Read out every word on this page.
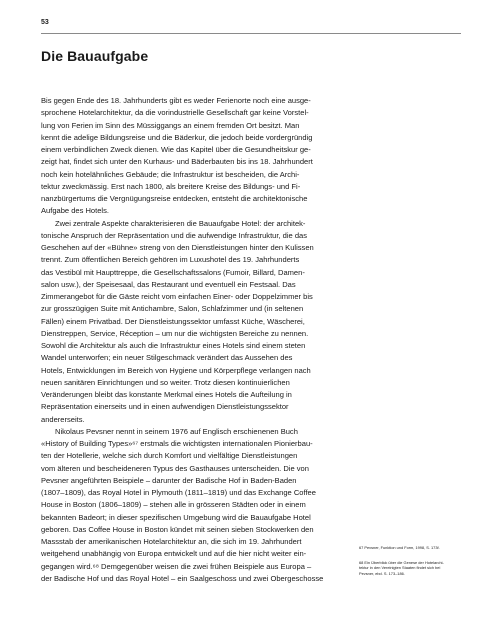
53
Die Bauaufgabe
Bis gegen Ende des 18. Jahrhunderts gibt es weder Ferienorte noch eine ausge-
sprochene Hotelarchitektur, da die vorindustrielle Gesellschaft gar keine Vorstel-
lung von Ferien im Sinn des Müssiggangs an einem fremden Ort besitzt. Man
kennt die adelige Bildungsreise und die Bäderkur, die jedoch beide vordergründig
einem verbindlichen Zweck dienen. Wie das Kapitel über die Gesundheitskur ge-
zeigt hat, findet sich unter den Kurhaus- und Bäderbauten bis ins 18. Jahrhundert
noch kein hotelähnliches Gebäude; die Infrastruktur ist bescheiden, die Archi-
tektur zweckmässig. Erst nach 1800, als breitere Kreise des Bildungs- und Fi-
nanzbürgertums die Vergnügungsreise entdecken, entsteht die architektonische
Aufgabe des Hotels.
Zwei zentrale Aspekte charakterisieren die Bauaufgabe Hotel: der architek-
tonische Anspruch der Repräsentation und die aufwendige Infrastruktur, die das
Geschehen auf der «Bühne» streng von den Dienstleistungen hinter den Kulissen
trennt. Zum öffentlichen Bereich gehören im Luxushotel des 19. Jahrhunderts
das Vestibül mit Haupttreppe, die Gesellschaftssalons (Fumoir, Billard, Damen-
salon usw.), der Speisesaal, das Restaurant und eventuell ein Festsaal. Das
Zimmerangebot für die Gäste reicht vom einfachen Einer- oder Doppelzimmer bis
zur grosszügigen Suite mit Antichambre, Salon, Schlafzimmer und (in seltenen
Fällen) einem Privatbad. Der Dienstleistungssektor umfasst Küche, Wäscherei,
Dienstreppen, Service, Réception – um nur die wichtigsten Bereiche zu nennen.
Sowohl die Architektur als auch die Infrastruktur eines Hotels sind einem steten
Wandel unterworfen; ein neuer Stilgeschmack verändert das Aussehen des
Hotels, Entwicklungen im Bereich von Hygiene und Körperpflege verlangen nach
neuen sanitären Einrichtungen und so weiter. Trotz diesen kontinuierlichen
Veränderungen bleibt das konstante Merkmal eines Hotels die Aufteilung in
Repräsentation einerseits und in einen aufwendigen Dienstleistungssektor
andererseits.
Nikolaus Pevsner nennt in seinem 1976 auf Englisch erschienenen Buch
«History of Building Types»⁶⁷ erstmals die wichtigsten internationalen Pionierbau-
ten der Hotellerie, welche sich durch Komfort und vielfältige Dienstleistungen
vom älteren und bescheideneren Typus des Gasthauses unterscheiden. Die von
Pevsner angeführten Beispiele – darunter der Badische Hof in Baden-Baden
(1807–1809), das Royal Hotel in Plymouth (1811–1819) und das Exchange Coffee
House in Boston (1806–1809) – stehen alle in grösseren Städten oder in einem
bekannten Badeort; in dieser spezifischen Umgebung wird die Bauaufgabe Hotel
geboren. Das Coffee House in Boston kündet mit seinen sieben Stockwerken den
Massstab der amerikanischen Hotelarchitektur an, die sich im 19. Jahrhundert
weitgehend unabhängig von Europa entwickelt und auf die hier nicht weiter ein-
gegangen wird.⁶⁸ Demgegenüber weisen die zwei frühen Beispiele aus Europa –
der Badische Hof und das Royal Hotel – ein Saalgeschoss und zwei Obergeschosse
67 Pevsner, Funktion und Form, 1998, S. 173f.
68 Ein Überblick über die Genese der Hotelarchi-
tektur in den Vereinigten Staaten findet sich bei
Pevsner, ebd. S. 173–186.
